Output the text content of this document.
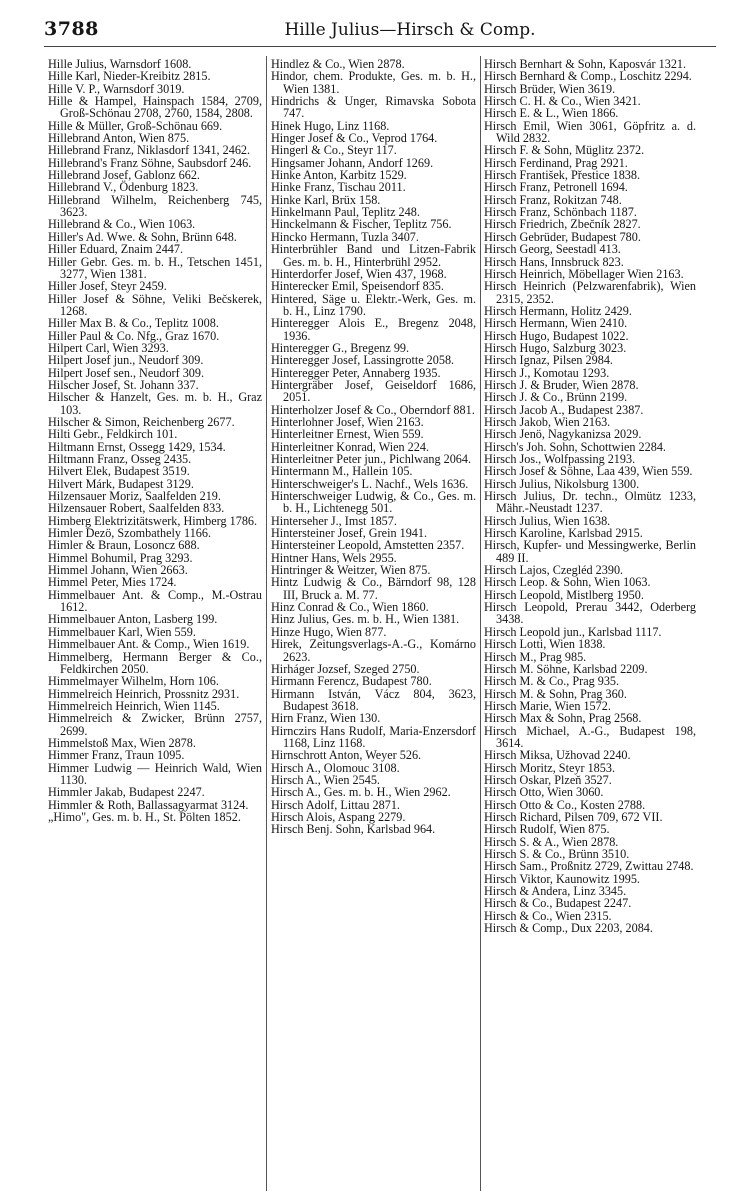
3788	Hille Julius—Hirsch & Comp.
Hille Julius, Warnsdorf 1608.
Hille Karl, Nieder-Kreibitz 2815.
Hille V. P., Warnsdorf 3019.
Hille & Hampel, Hainspach 1584, 2709, Groß-Schönau 2708, 2760, 1584, 2808.
Hille & Müller, Groß-Schönau 669.
Hillebrand Anton, Wien 875.
Hillebrand Franz, Niklasdorf 1341, 2462.
Hillebrand's Franz Söhne, Saubsdorf 246.
Hillebrand Josef, Gablonz 662.
Hillebrand V., Ödenburg 1823.
Hillebrand Wilhelm, Reichenberg 745, 3623.
Hillebrand & Co., Wien 1063.
Hiller's Ad. Wwe. & Sohn, Brünn 648.
Hiller Eduard, Znaim 2447.
Hiller Gebr. Ges. m. b. H., Tetschen 1451, 3277, Wien 1381.
Hiller Josef, Steyr 2459.
Hiller Josef & Söhne, Veliki Bečskerek, 1268.
Hiller Max B. & Co., Teplitz 1008.
Hiller Paul & Co. Nfg., Graz 1670.
Hilpert Carl, Wien 3293.
Hilpert Josef jun., Neudorf 309.
Hilpert Josef sen., Neudorf 309.
Hilscher Josef, St. Johann 337.
Hilscher & Hanzelt, Ges. m. b. H., Graz 103.
Hilscher & Simon, Reichenberg 2677.
Hilti Gebr., Feldkirch 101.
Hiltmann Ernst, Ossegg 1429, 1534.
Hiltmann Franz, Osseg 2435.
Hilvert Elek, Budapest 3519.
Hilvert Márk, Budapest 3129.
Hilzensauer Moriz, Saalfelden 219.
Hilzensauer Robert, Saalfelden 833.
Himberg Elektrizitätswerk, Himberg 1786.
Himler Dezö, Szombathely 1166.
Himler & Braun, Losoncz 688.
Himmel Bohumil, Prag 3293.
Himmel Johann, Wien 2663.
Himmel Peter, Mies 1724.
Himmelbauer Ant. & Comp., M.-Ostrau 1612.
Himmelbauer Anton, Lasberg 199.
Himmelbauer Karl, Wien 559.
Himmelbauer Ant. & Comp., Wien 1619.
Himmelberg, Hermann Berger & Co., Feldkirchen 2050.
Himmelmayer Wilhelm, Horn 106.
Himmelreich Heinrich, Prossnitz 2931.
Himmelreich Heinrich, Wien 1145.
Himmelreich & Zwicker, Brünn 2757, 2699.
Himmelstoß Max, Wien 2878.
Himmer Franz, Traun 1095.
Himmer Ludwig — Heinrich Wald, Wien 1130.
Himmler Jakab, Budapest 2247.
Himmler & Roth, Ballassagyarmat 3124.
„Himo", Ges. m. b. H., St. Pölten 1852.
Hindlez & Co., Wien 2878.
Hindor, chem. Produkte, Ges. m. b. H., Wien 1381.
Hindrichs & Unger, Rimavska Sobota 747.
Hinek Hugo, Linz 1168.
Hinger Josef & Co., Veprod 1764.
Hingerl & Co., Steyr 117.
Hingsamer Johann, Andorf 1269.
Hinke Anton, Karbitz 1529.
Hinke Franz, Tischau 2011.
Hinke Karl, Brüx 158.
Hinkelmann Paul, Teplitz 248.
Hinckelmann & Fischer, Teplitz 756.
Hincko Hermann, Tuzla 3407.
Hinterbrühler Band und Litzen-Fabrik Ges. m. b. H., Hinterbrühl 2952.
Hinterdorfer Josef, Wien 437, 1968.
Hinterecker Emil, Speisendorf 835.
Hintered, Säge u. Elektr.-Werk, Ges. m. b. H., Linz 1790.
Hinteregger Alois E., Bregenz 2048, 1936.
Hinteregger G., Bregenz 99.
Hinteregger Josef, Lassingrotte 2058.
Hinteregger Peter, Annaberg 1935.
Hintergräber Josef, Geiseldorf 1686, 2051.
Hinterholzer Josef & Co., Oberndorf 881.
Hinterlohner Josef, Wien 2163.
Hinterleitner Ernest, Wien 559.
Hinterleitner Konrad, Wien 224.
Hinterleitner Peter jun., Pichlwang 2064.
Hintermann M., Hallein 105.
Hinterschweiger's L. Nachf., Wels 1636.
Hinterschweiger Ludwig, & Co., Ges. m. b. H., Lichtenegg 501.
Hinterseher J., Imst 1857.
Hintersteiner Josef, Grein 1941.
Hintersteiner Leopold, Amstetten 2357.
Hintner Hans, Wels 2955.
Hintringer & Weitzer, Wien 875.
Hintz Ludwig & Co., Bärndorf 98, 128 III, Bruck a. M. 77.
Hinz Conrad & Co., Wien 1860.
Hinz Julius, Ges. m. b. H., Wien 1381.
Hinze Hugo, Wien 877.
Hirek, Zeitungsverlags-A.-G., Komárno 2623.
Hirháger Jozsef, Szeged 2750.
Hirmann Ferencz, Budapest 780.
Hirmann István, Vácz 804, 3623, Budapest 3618.
Hirn Franz, Wien 130.
Hirnczirs Hans Rudolf, Maria-Enzersdorf 1168, Linz 1168.
Hirnschrott Anton, Weyer 526.
Hirsch A., Olomouc 3108.
Hirsch A., Wien 2545.
Hirsch A., Ges. m. b. H., Wien 2962.
Hirsch Adolf, Littau 2871.
Hirsch Alois, Aspang 2279.
Hirsch Benj. Sohn, Karlsbad 964.
Hirsch Bernhart & Sohn, Kaposvár 1321.
Hirsch Bernhard & Comp., Loschitz 2294.
Hirsch Brüder, Wien 3619.
Hirsch C. H. & Co., Wien 3421.
Hirsch E. & L., Wien 1866.
Hirsch Emil, Wien 3061, Göpfritz a. d. Wild 2832.
Hirsch F. & Sohn, Müglitz 2372.
Hirsch Ferdinand, Prag 2921.
Hirsch František, Přestice 1838.
Hirsch Franz, Petronell 1694.
Hirsch Franz, Rokitzan 748.
Hirsch Franz, Schönbach 1187.
Hirsch Friedrich, Zbečník 2827.
Hirsch Gebrüder, Budapest 780.
Hirsch Georg, Seestadl 413.
Hirsch Hans, Innsbruck 823.
Hirsch Heinrich, Möbellager Wien 2163.
Hirsch Heinrich (Pelzwarenfabrik), Wien 2315, 2352.
Hirsch Hermann, Holitz 2429.
Hirsch Hermann, Wien 2410.
Hirsch Hugo, Budapest 1022.
Hirsch Hugo, Salzburg 3023.
Hirsch Ignaz, Pilsen 2984.
Hirsch J., Komotau 1293.
Hirsch J. & Bruder, Wien 2878.
Hirsch J. & Co., Brünn 2199.
Hirsch Jacob A., Budapest 2387.
Hirsch Jakob, Wien 2163.
Hirsch Jenö, Nagykanizsa 2029.
Hirsch's Joh. Sohn, Schottwien 2284.
Hirsch Jos., Wolfpassing 2193.
Hirsch Josef & Söhne, Laa 439, Wien 559.
Hirsch Julius, Nikolsburg 1300.
Hirsch Julius, Dr. techn., Olmütz 1233, Mähr.-Neustadt 1237.
Hirsch Julius, Wien 1638.
Hirsch Karoline, Karlsbad 2915.
Hirsch, Kupfer- und Messingwerke, Berlin 489 II.
Hirsch Lajos, Czegléd 2390.
Hirsch Leop. & Sohn, Wien 1063.
Hirsch Leopold, Mistlberg 1950.
Hirsch Leopold, Prerau 3442, Oderberg 3438.
Hirsch Leopold jun., Karlsbad 1117.
Hirsch Lotti, Wien 1838.
Hirsch M., Prag 985.
Hirsch M. Söhne, Karlsbad 2209.
Hirsch M. & Co., Prag 935.
Hirsch M. & Sohn, Prag 360.
Hirsch Marie, Wien 1572.
Hirsch Max & Sohn, Prag 2568.
Hirsch Michael, A.-G., Budapest 198, 3614.
Hirsch Miksa, Užhovad 2240.
Hirsch Moritz, Steyr 1853.
Hirsch Oskar, Plzeň 3527.
Hirsch Otto, Wien 3060.
Hirsch Otto & Co., Kosten 2788.
Hirsch Richard, Pilsen 709, 672 VII.
Hirsch Rudolf, Wien 875.
Hirsch S. & A., Wien 2878.
Hirsch S. & Co., Brünn 3510.
Hirsch Sam., Proßnitz 2729, Zwittau 2748.
Hirsch Viktor, Kaunowitz 1995.
Hirsch & Andera, Linz 3345.
Hirsch & Co., Budapest 2247.
Hirsch & Co., Wien 2315.
Hirsch & Comp., Dux 2203, 2084.
